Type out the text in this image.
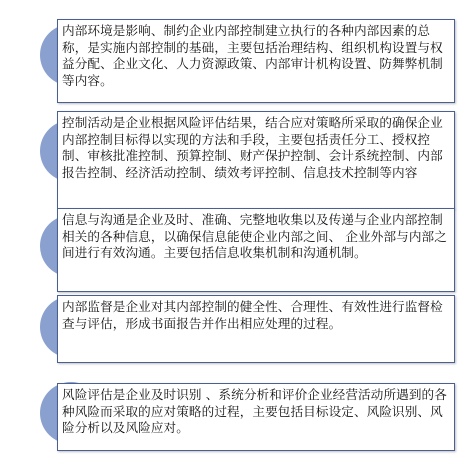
内部环境是影响、制约企业内部控制建立执行的各种内部因素的总称，是实施内部控制的基础，主要包括治理结构、组织机构设置与权益分配、企业文化、人力资源政策、内部审计机构设置、防舞弊机制等内容。

控制活动是企业根据风险评估结果，结合应对策略所采取的确保企业内部控制目标得以实现的方法和手段，主要包括责任分工、授权控制、审核批准控制、预算控制、财产保护控制、会计系统控制、内部报告控制、经济活动控制、绩效考评控制、信息技术控制等内容

信息与沟通是企业及时、准确、完整地收集以及传递与企业内部控制相关的各种信息，以确保信息能使企业内部之间、 企业外部与内部之间进行有效沟通。主要包括信息收集机制和沟通机制。

内部监督是企业对其内部控制的健全性、合理性、有效性进行监督检查与评估，形成书面报告并作出相应处理的过程。

风险评估是企业及时识别 、系统分析和评价企业经营活动所遇到的各种风险而采取的应对策略的过程，主要包括目标设定、风险识别、风险分析以及风险应对。
